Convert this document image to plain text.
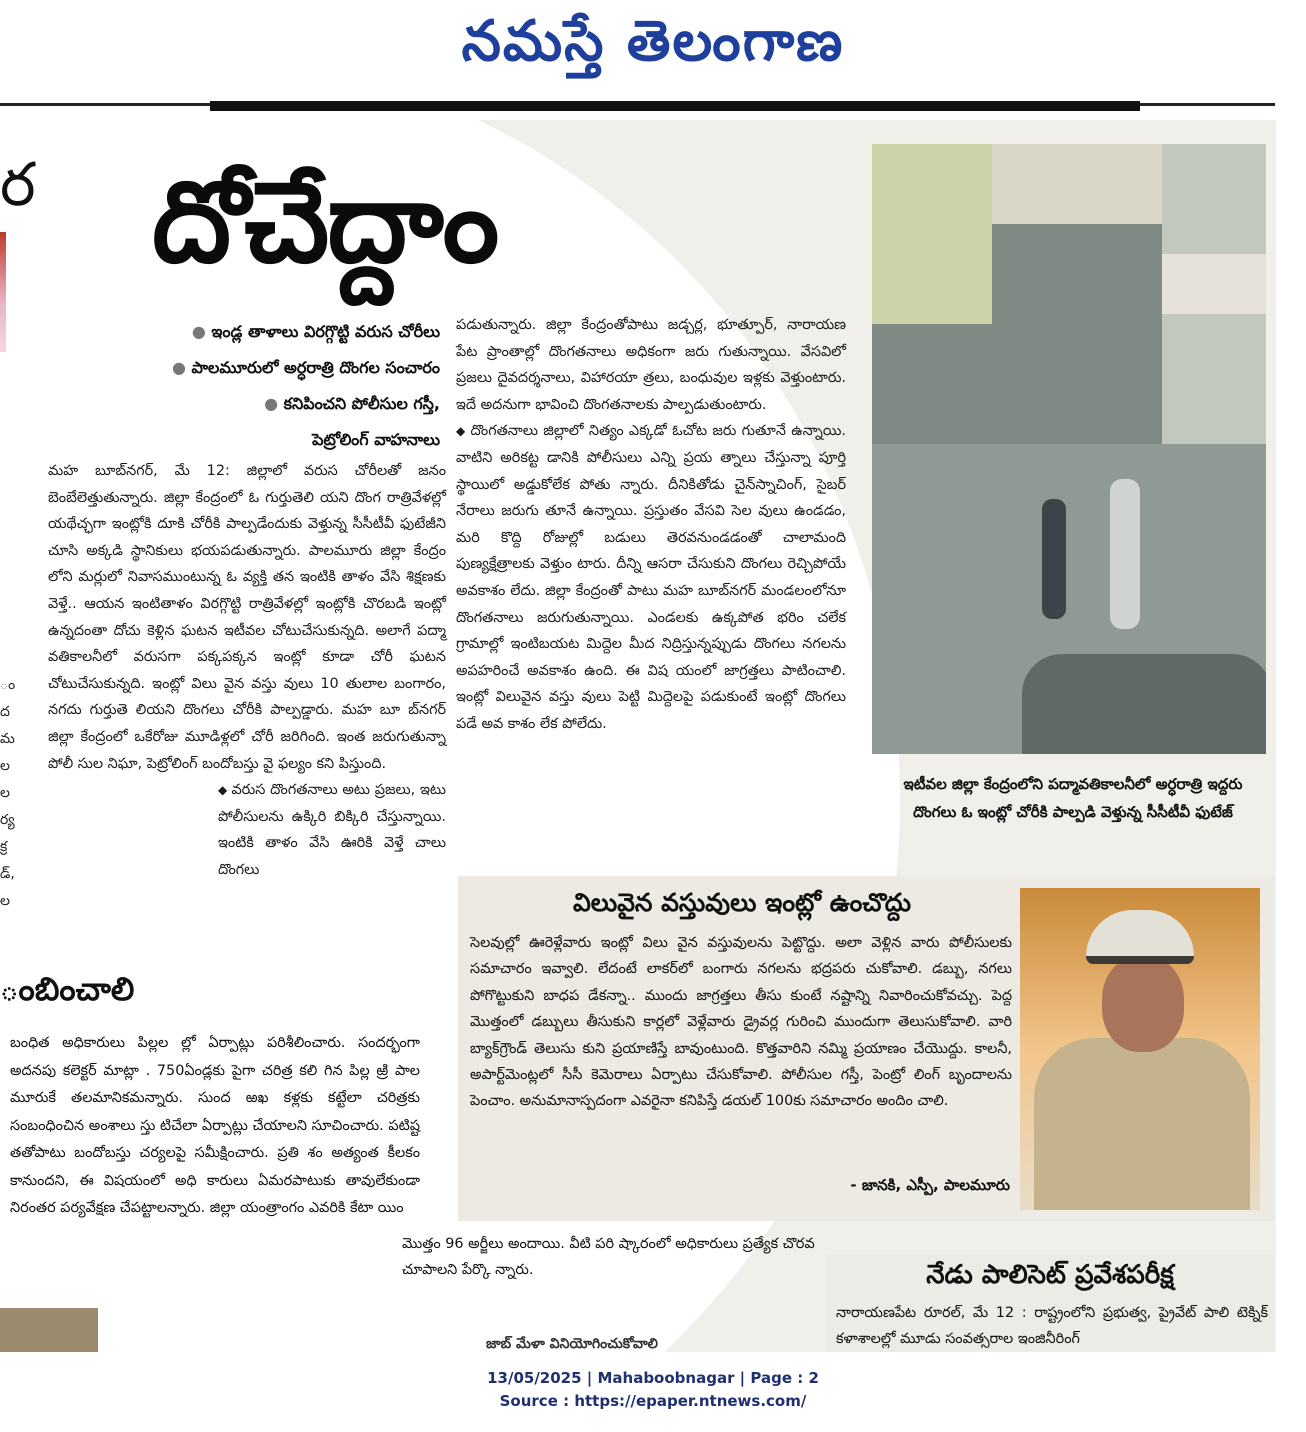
నమస్తే తెలంగాణ
ర
ం
ద
మ
ల
ల
ర్య
క్ర
డ్,
ల
దోచేద్దాం
● ఇండ్ల తాళాలు విరగ్గొట్టి వరుస చోరీలు
● పాలమూరులో అర్ధరాత్రి దొంగల సంచారం
● కనిపించని పోలీసుల గస్తీ,
పెట్రోలింగ్ వాహనాలు
మహ బూబ్‌నగర్, మే 12: జిల్లాలో వరుస చోరీలతో జనం బెంబేలెత్తుతున్నారు. జిల్లా కేంద్రంలో ఓ గుర్తుతెలి యని దొంగ రాత్రివేళల్లో యథేచ్ఛగా ఇంట్లోకి దూకి చోరీకి పాల్పడేందుకు వెళ్తున్న సీసీటీవీ ఫుటేజీని చూసి అక్కడి స్థానికులు భయపడుతున్నారు. పాలమూరు జిల్లా కేంద్రం లోని మర్లులో నివాసముంటున్న ఓ వ్యక్తి తన ఇంటికి తాళం వేసి శిక్షణకు వెళ్తే.. ఆయన ఇంటితాళం విరగ్గొట్టి రాత్రివేళల్లో ఇంట్లోకి చొరబడి ఇంట్లో ఉన్నదంతా దోచు కెళ్లిన ఘటన ఇటీవల చోటుచేసుకున్నది. అలాగే పద్మా వతికాలనీలో వరుసగా పక్కపక్కన ఇంట్లో కూడా చోరీ ఘటన చోటుచేసుకున్నది. ఇంట్లో విలు వైన వస్తు వులు 10 తులాల బంగారం, నగదు గుర్తుతె లియని దొంగలు చోరీకి పాల్పడ్డారు. మహ బూ బ్‌నగర్ జిల్లా కేంద్రంలో ఒకేరోజు మూడిళ్లలో చోరీ జరిగింది. ఇంత జరుగుతున్నా పోలీ సుల నిఘా, పెట్రోలింగ్ బందోబస్తు వై ఫల్యం కని పిస్తుంది.
◆ వరుస దొంగతనాలు అటు ప్రజలు, ఇటు పోలీసులను ఉక్కిరి బిక్కిరి చేస్తున్నాయి. ఇంటికి తాళం వేసి ఊరికి వెళ్తే చాలు దొంగలు
పడుతున్నారు. జిల్లా కేంద్రంతోపాటు జడ్చర్ల, భూత్పూర్, నారాయణ పేట ప్రాంతాల్లో దొంగతనాలు అధికంగా జరు గుతున్నాయి. వేసవిలో ప్రజలు దైవదర్శనాలు, విహారయా త్రలు, బంధువుల ఇళ్లకు వెళ్తుంటారు. ఇదే అదనుగా భావించి దొంగతనాలకు పాల్పడుతుంటారు.
◆ దొంగతనాలు జిల్లాలో నిత్యం ఎక్కడో ఓచోట జరు గుతూనే ఉన్నాయి. వాటిని అరికట్ట డానికి పోలీసులు ఎన్ని ప్రయ త్నాలు చేస్తున్నా పూర్తి స్థాయిలో అడ్డుకోలేక పోతు న్నారు. దీనికితోడు చైన్‌స్నాచింగ్, సైబర్ నేరాలు జరుగు తూనే ఉన్నాయి. ప్రస్తుతం వేసవి సెల వులు ఉండడం, మరి కొద్ది రోజుల్లో బడులు తెరవనుండడంతో చాలామంది పుణ్యక్షేత్రాలకు వెళ్తుం టారు. దీన్ని ఆసరా చేసుకుని దొంగలు రెచ్చిపోయే అవకాశం లేదు. జిల్లా కేంద్రంతో పాటు మహ బూబ్‌నగర్ మండలంలోనూ దొంగతనాలు జరుగుతున్నాయి. ఎండలకు ఉక్కపోత భరిం చలేక గ్రామాల్లో ఇంటిబయట మిద్దెల మీద నిద్రిస్తున్నప్పుడు దొంగలు నగలను అపహరించే అవకాశం ఉంది. ఈ విష యంలో జాగ్రత్తలు పాటించాలి. ఇంట్లో విలువైన వస్తు వులు పెట్టి మిద్దెలపై పడుకుంటే ఇంట్లో దొంగలు పడే అవ కాశం లేక పోలేదు.
ఇటీవల జిల్లా కేంద్రంలోని పద్మావతికాలనీలో అర్ధరాత్రి ఇద్దరు దొంగలు ఓ ఇంట్లో చోరీకి పాల్పడి వెళ్తున్న సీసీటీవీ ఫుటేజ్
విలువైన వస్తువులు ఇంట్లో ఉంచొద్దు
సెలవుల్లో ఊరెళ్లేవారు ఇంట్లో విలు వైన వస్తువులను పెట్టొద్దు. అలా వెళ్లిన వారు పోలీసులకు సమాచారం ఇవ్వాలి. లేదంటే లాకర్‌లో బంగారు నగలను భద్రపరు చుకోవాలి. డబ్బు, నగలు పోగొట్టుకుని బాధప డేకన్నా.. ముందు జాగ్రత్తలు తీసు కుంటే నష్టాన్ని నివారించుకోవచ్చు. పెద్ద మొత్తంలో డబ్బులు తీసుకుని కార్లలో వెళ్లేవారు డ్రైవర్ల గురించి ముందుగా తెలుసుకోవాలి. వారి బ్యాక్‌గ్రౌండ్ తెలుసు కుని ప్రయాణిస్తే బావుంటుంది. కొత్తవారిని నమ్మి ప్రయాణం చేయొద్దు. కాలనీ, అపార్ట్‌మెంట్లలో సీసీ కెమెరాలు ఏర్పాటు చేసుకోవాలి. పోలీసుల గస్తీ, పెంట్రో లింగ్ బృందాలను పెంచాం. అనుమానాస్పదంగా ఎవరైనా కనిపిస్తే డయల్ 100కు సమాచారం అందిం చాలి.
- జానకి, ఎస్పీ, పాలమూరు
ంబించాలి
బంధిత అధికారులు పిల్లల ల్లో ఏర్పాట్లు పరిశీలించారు. సందర్భంగా అదనపు కలెక్టర్ మాట్లా . 750ఏండ్లకు పైగా చరిత్ర కలి గిన పిల్ల ఱ్రి పాల మూరుకే తలమానికమన్నారు. సుంద ఱఖ కళ్లకు కట్టేలా చరిత్రకు సంబంధించిన అంశాలు స్తు టిచేలా ఏర్పాట్లు చేయాలని సూచించారు. పటిష్ట తతోపాటు బందోబస్తు చర్యలపై సమీక్షించారు. ప్రతి శం అత్యంత కీలకం కానుందని, ఈ విషయంలో అధి కారులు ఏమరపాటుకు తావులేకుండా నిరంతర పర్యవేక్షణ చేపట్టాలన్నారు. జిల్లా యంత్రాంగం ఎవరికి కేటా యిం
మొత్తం 96 అర్జీలు అందాయి. వీటి పరి ష్కారంలో అధికారులు ప్రత్యేక చొరవ చూపాలని పేర్కొ న్నారు.
జాబ్ మేళా వినియోగించుకోవాలి
నేడు పాలిసెట్ ప్రవేశపరీక్ష
నారాయణపేట రూరల్, మే 12 : రాష్ట్రంలోని ప్రభుత్వ, ప్రైవేట్ పాలి టెక్నిక్ కళాశాలల్లో మూడు సంవత్సరాల ఇంజినీరింగ్
13/05/2025 | Mahaboobnagar | Page : 2
Source : https://epaper.ntnews.com/
